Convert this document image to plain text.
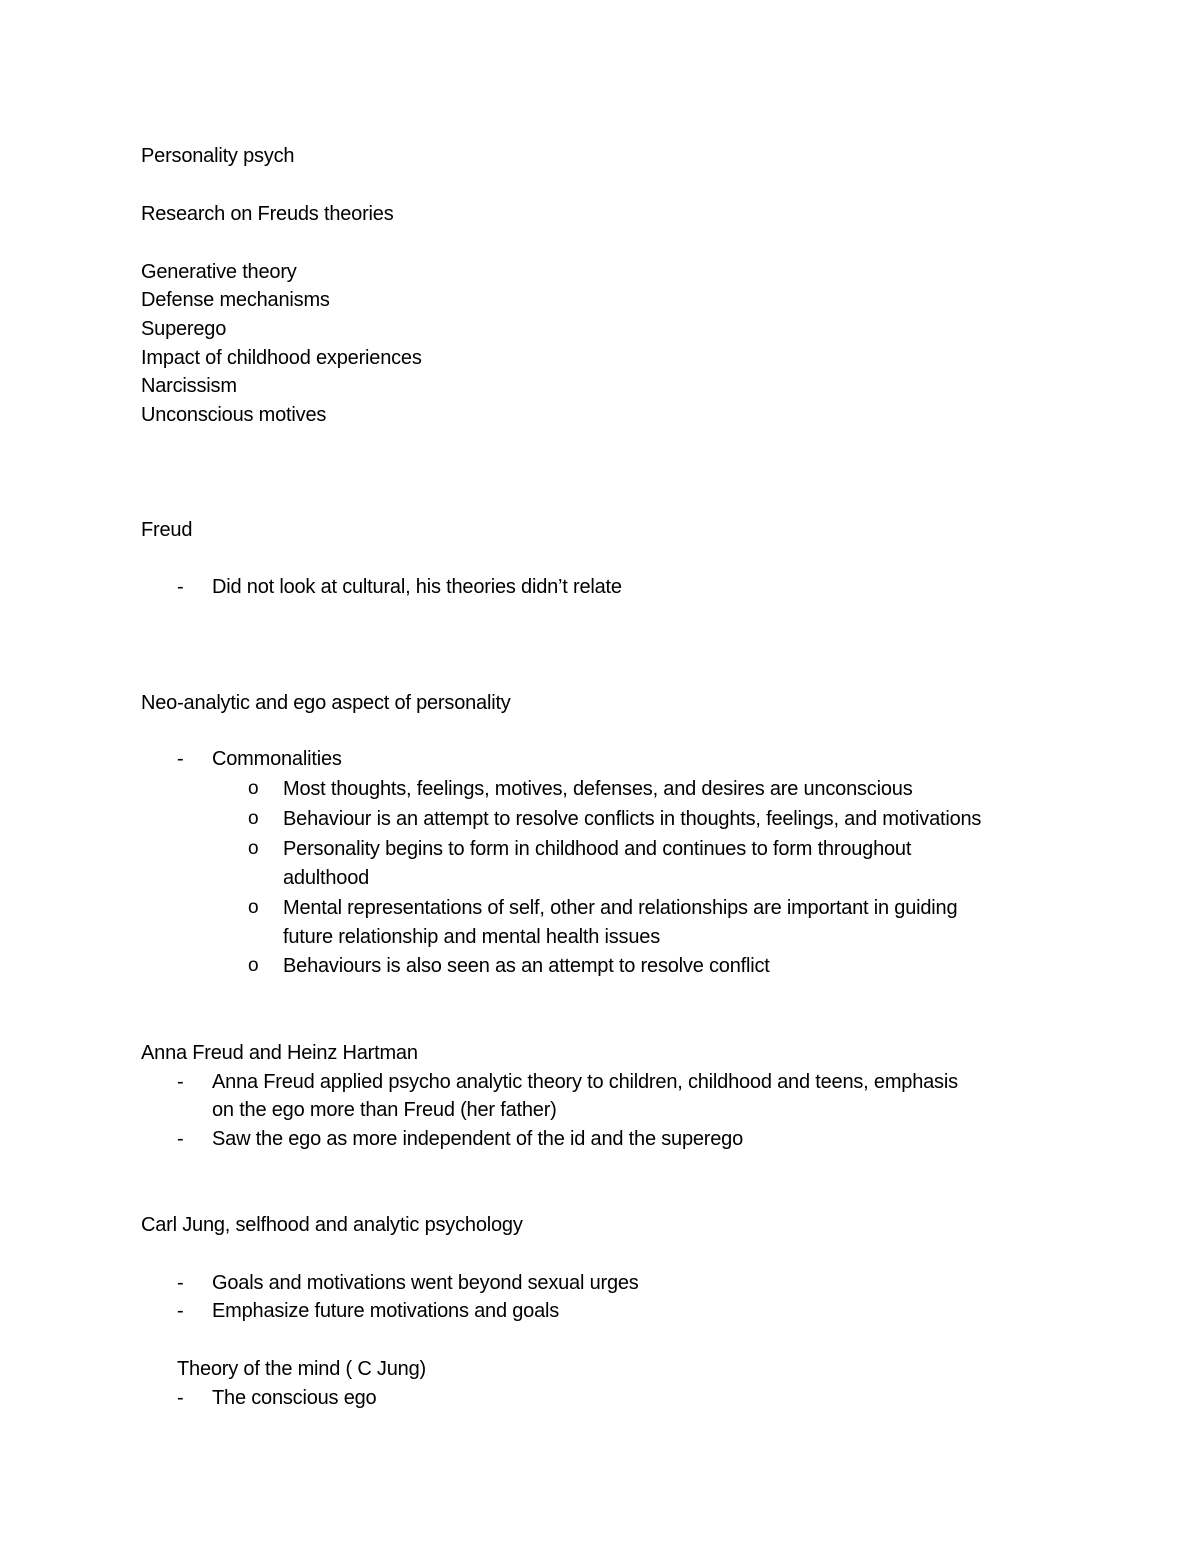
Personality psych
Research on Freuds theories
Generative theory
Defense mechanisms
Superego
Impact of childhood experiences
Narcissism
Unconscious motives
Freud
- Did not look at cultural, his theories didn’t relate
Neo-analytic and ego aspect of personality
- Commonalities
o Most thoughts, feelings, motives, defenses, and desires are unconscious
o Behaviour is an attempt to resolve conflicts in thoughts, feelings, and motivations
o Personality begins to form in childhood and continues to form throughout
adulthood
o Mental representations of self, other and relationships are important in guiding
future relationship and mental health issues
o Behaviours is also seen as an attempt to resolve conflict
Anna Freud and Heinz Hartman
- Anna Freud applied psycho analytic theory to children, childhood and teens, emphasis
on the ego more than Freud (her father)
- Saw the ego as more independent of the id and the superego
Carl Jung, selfhood and analytic psychology
- Goals and motivations went beyond sexual urges
- Emphasize future motivations and goals
Theory of the mind ( C Jung)
- The conscious ego
